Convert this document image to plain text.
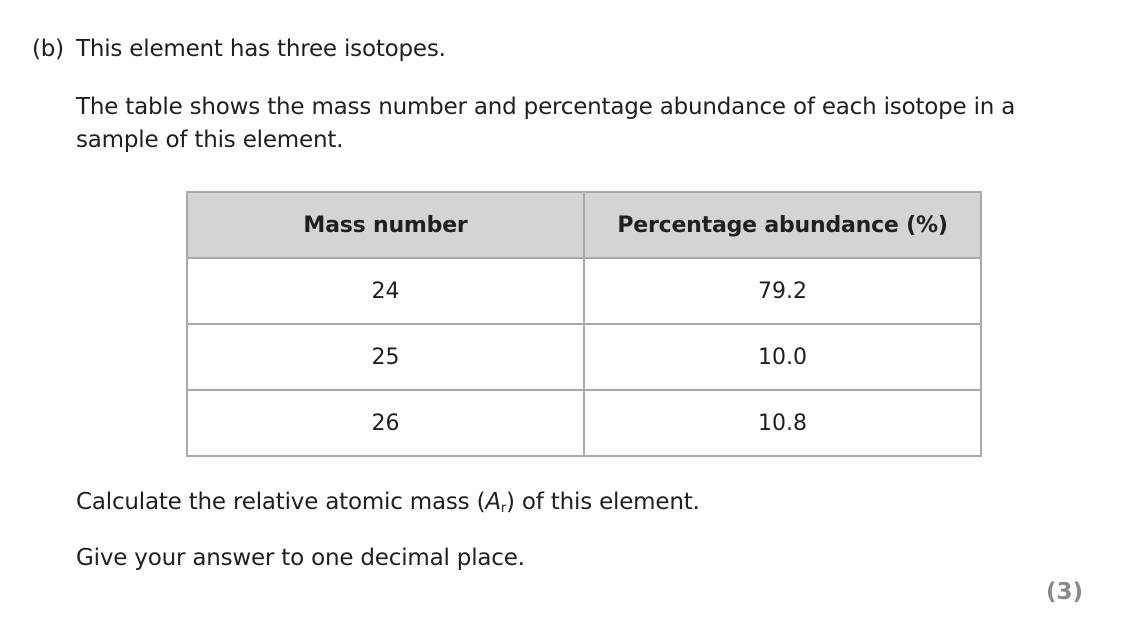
(b) This element has three isotopes.
The table shows the mass number and percentage abundance of each isotope in a sample of this element.
Mass number	Percentage abundance (%)
24	79.2
25	10.0
26	10.8
Calculate the relative atomic mass $(A_r)$ of this element.
Give your answer to one decimal place.
(3)
